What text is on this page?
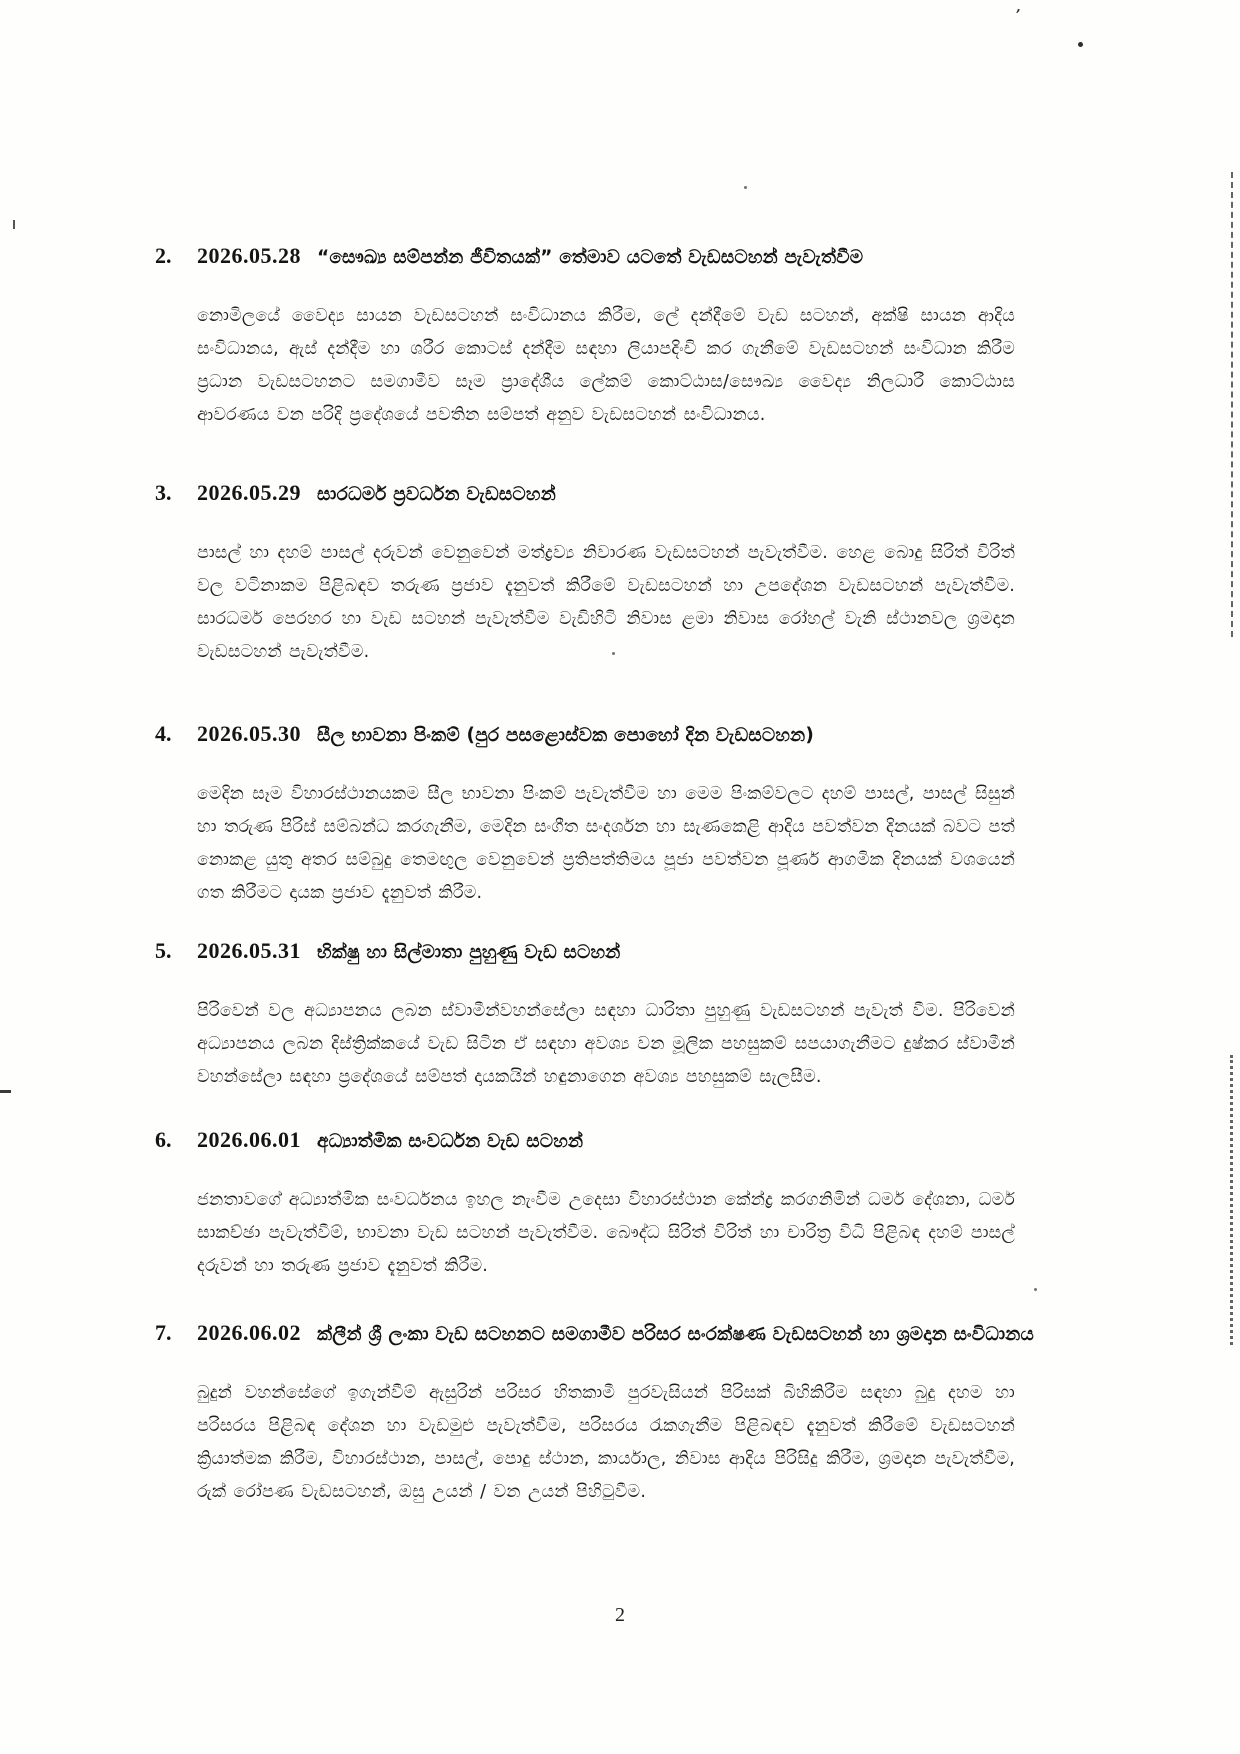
’
2.	2026.05.28 “සෞඛ්‍ය සම්පන්න ජීවිතයක්” තේමාව යටතේ වැඩසටහන් පැවැත්වීම

නොමිලයේ වෛද්‍ය සායන වැඩසටහන් සංවිධානය කිරීම, ලේ දන්දීමේ වැඩ සටහන්, අක්ෂි සායන ආදිය සංවිධානය, ඇස් දන්දීම හා ශරීර කොටස් දන්දීම සඳහා ලියාපදිංචි කර ගැනීමේ වැඩසටහන් සංවිධාන කිරීම ප්‍රධාන වැඩසටහනට සමගාමීව සෑම ප්‍රාදේශීය ලේකම් කොට්ඨාස/සෞඛ්‍ය වෛද්‍ය නිලධාරී කොට්ඨාස ආවරණය වන පරිදි ප්‍රදේශයේ පවතින සම්පත් අනුව වැඩසටහන් සංවිධානය.

3.	2026.05.29 සාරධර්ම ප්‍රවර්ධන වැඩසටහන්

පාසල් හා දහම් පාසල් දරුවන් වෙනුවෙන් මත්ද්‍රව්‍ය නිවාරණ වැඩසටහන් පැවැත්වීම. හෙළ බොදු සිරිත් විරිත් වල වටිනාකම පිළිබඳව තරුණ ප්‍රජාව දැනුවත් කිරීමේ වැඩසටහන් හා උපදේශන වැඩසටහන් පැවැත්වීම. සාරධර්ම පෙරහර හා වැඩ සටහන් පැවැත්වීම වැඩිහිටි නිවාස ළමා නිවාස රෝහල් වැනි ස්ථානවල ශ්‍රමදාන වැඩසටහන් පැවැත්වීම.

4.	2026.05.30 සීල භාවනා පිංකම් (පුර පසළොස්වක පොහෝ දින වැඩසටහන)

මෙදින සෑම විහාරස්ථානයකම සීල භාවනා පිංකම් පැවැත්වීම හා මෙම පිංකම්වලට දහම් පාසල්, පාසල් සිසුන් හා තරුණ පිරිස් සම්බන්ධ කරගැනීම, මෙදින සංගීත සංදර්ශන හා සැණකෙළි ආදිය පවත්වන දිනයක් බවට පත් නොකළ යුතු අතර සම්බුදු තෙමඟුල වෙනුවෙන් ප්‍රතිපත්තිමය පූජා පවත්වන පූර්ණ ආගමික දිනයක් වශයෙන් ගත කිරීමට දායක ප්‍රජාව දැනුවත් කිරීම.

5.	2026.05.31 භික්ෂු හා සිල්මාතා පුහුණු වැඩ සටහන්

පිරිවෙන් වල අධ්‍යාපනය ලබන ස්වාමීන්වහන්සේලා සඳහා ධාරිතා පුහුණු වැඩසටහන් පැවැත් වීම. පිරිවෙන් අධ්‍යාපනය ලබන දිස්ත්‍රික්කයේ වැඩ සිටින ඒ සඳහා අවශ්‍ය වන මූලික පහසුකම් සපයාගැනීමට දුෂ්කර ස්වාමීන් වහන්සේලා සඳහා ප්‍රදේශයේ සම්පත් දායකයින් හඳුනාගෙන අවශ්‍ය පහසුකම් සැලසීම.

6.	2026.06.01 අධ්‍යාත්මික සංවර්ධන වැඩ සටහන්

ජනතාවගේ අධ්‍යාත්මික සංවර්ධනය ඉහල නැංවීම උදෙසා විහාරස්ථාන කේන්ද්‍ර කරගනිමින් ධර්ම දේශනා, ධර්ම සාකච්ඡා පැවැත්වීම්, භාවනා වැඩ සටහන් පැවැත්වීම. බෞද්ධ සිරිත් විරිත් හා චාරිත්‍ර විධි පිළිබඳ දහම් පාසල් දරුවන් හා තරුණ ප්‍රජාව දැනුවත් කිරීම.

7.	2026.06.02 ක්ලීන් ශ්‍රී ලංකා වැඩ සටහනට සමගාමීව පරිසර සංරක්ෂණ වැඩසටහන් හා ශ්‍රමදාන සංවිධානය

බුදුන් වහන්සේගේ ඉගැන්වීම් ඇසුරින් පරිසර හිතකාමී පුරවැසියන් පිරිසක් බිහිකිරීම සඳහා බුදු දහම හා පරිසරය පිළිබඳ දේශන හා වැඩමුළු පැවැත්වීම, පරිසරය රැකගැනීම පිළිබඳව දැනුවත් කිරීමේ වැඩසටහන් ක්‍රියාත්මක කිරීම, විහාරස්ථාන, පාසල්, පොදු ස්ථාන, කාර්යාල, නිවාස ආදිය පිරිසිදු කිරීම, ශ්‍රමදාන පැවැත්වීම, රුක් රෝපණ වැඩසටහන්, ඔසු උයන් / වන උයන් පිහිටුවීම.

2
